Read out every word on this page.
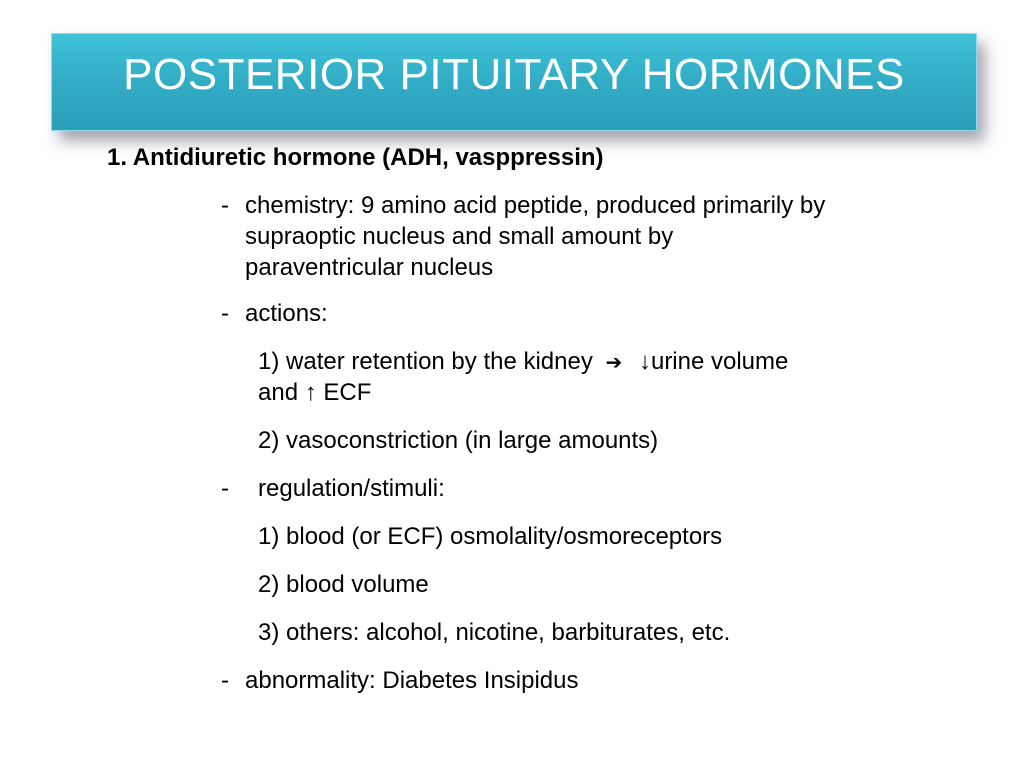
POSTERIOR PITUITARY HORMONES
1. Antidiuretic hormone (ADH, vasppressin)
- chemistry: 9 amino acid peptide, produced primarily by
supraoptic nucleus and small amount by
paraventricular nucleus
- actions:
1) water retention by the kidney ➔ ↓urine volume
and ↑ ECF
2) vasoconstriction (in large amounts)
- regulation/stimuli:
1) blood (or ECF) osmolality/osmoreceptors
2) blood volume
3) others: alcohol, nicotine, barbiturates, etc.
- abnormality: Diabetes Insipidus
